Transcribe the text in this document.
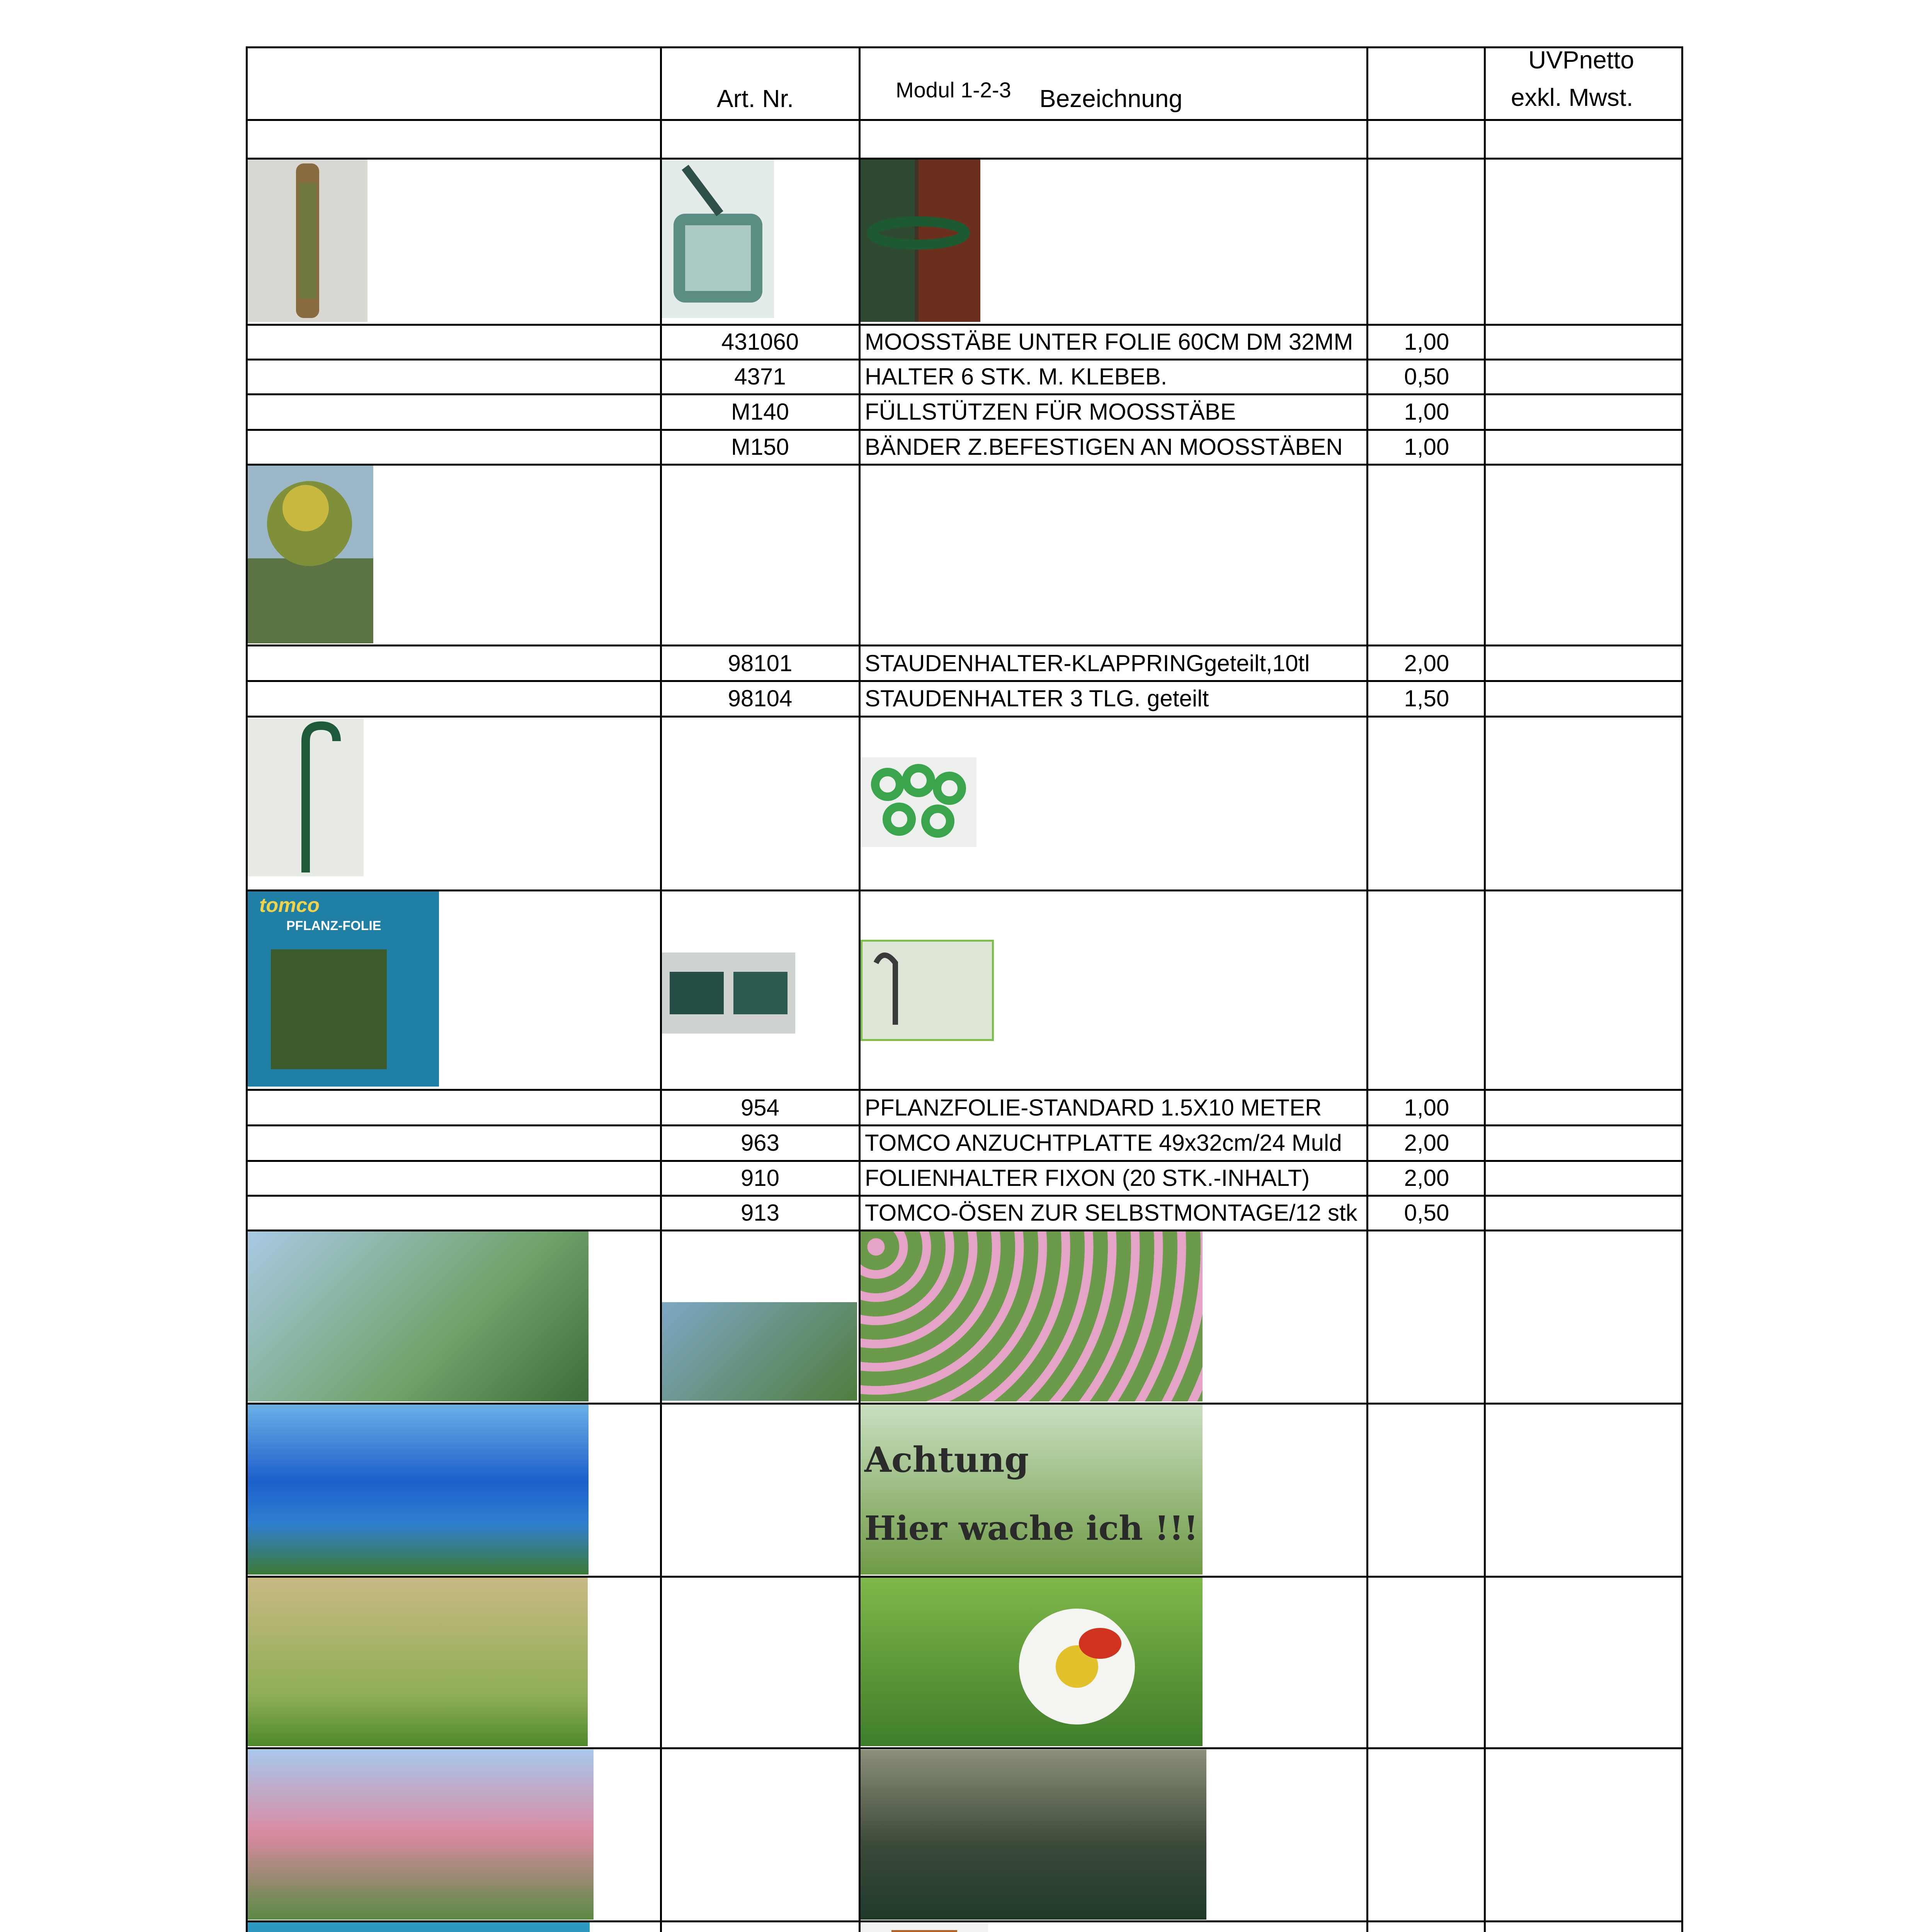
Art. Nr.	Modul 1-2-3 Bezeichnung
UVPnetto
exkl. Mwst.
431060	MOOSSTÄBE UNTER FOLIE 60CM DM 32MM	1,00
4371	HALTER 6 STK. M. KLEBEB.	0,50
M140	FÜLLSTÜTZEN FÜR MOOSSTÄBE	1,00
M150	BÄNDER Z.BEFESTIGEN AN MOOSSTÄBEN	1,00
98101	STAUDENHALTER-KLAPPRINGgeteilt,10tl	2,00
98104	STAUDENHALTER 3 TLG. geteilt	1,50
954	PFLANZFOLIE-STANDARD 1.5X10 METER	1,00
963	TOMCO ANZUCHTPLATTE 49x32cm/24 Muld	2,00
910	FOLIENHALTER FIXON (20 STK.-INHALT)	2,00
913	TOMCO-ÖSEN ZUR SELBSTMONTAGE/12 stk	0,50
tomco
PFLANZ-FOLIE
Achtung
Hier wache ich !!!
